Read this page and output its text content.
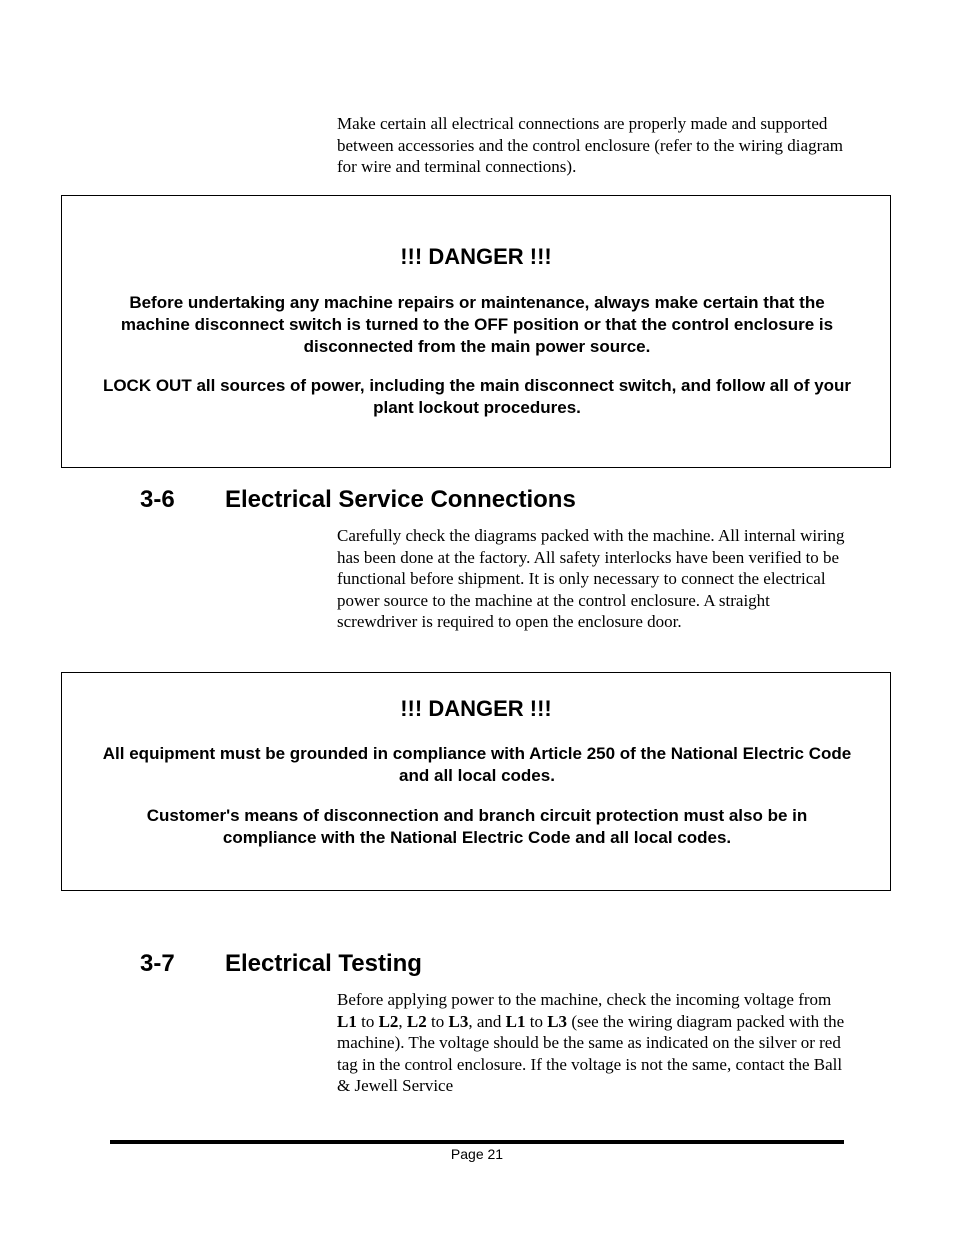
Make certain all electrical connections are properly made and supported between accessories and the control enclosure (refer to the wiring diagram for wire and terminal connections).

!!! DANGER !!!

Before undertaking any machine repairs or maintenance, always make certain that the machine disconnect switch is turned to the OFF position or that the control enclosure is disconnected from the main power source.

LOCK OUT all sources of power, including the main disconnect switch, and follow all of your plant lockout procedures.

3-6 Electrical Service Connections

Carefully check the diagrams packed with the machine. All internal wiring has been done at the factory. All safety interlocks have been verified to be functional before shipment. It is only necessary to connect the electrical power source to the machine at the control enclosure. A straight screwdriver is required to open the enclosure door.

!!! DANGER !!!

All equipment must be grounded in compliance with Article 250 of the National Electric Code and all local codes.

Customer's means of disconnection and branch circuit protection must also be in compliance with the National Electric Code and all local codes.

3-7 Electrical Testing

Before applying power to the machine, check the incoming voltage from L1 to L2, L2 to L3, and L1 to L3 (see the wiring diagram packed with the machine). The voltage should be the same as indicated on the silver or red tag in the control enclosure. If the voltage is not the same, contact the Ball & Jewell Service

Page 21
